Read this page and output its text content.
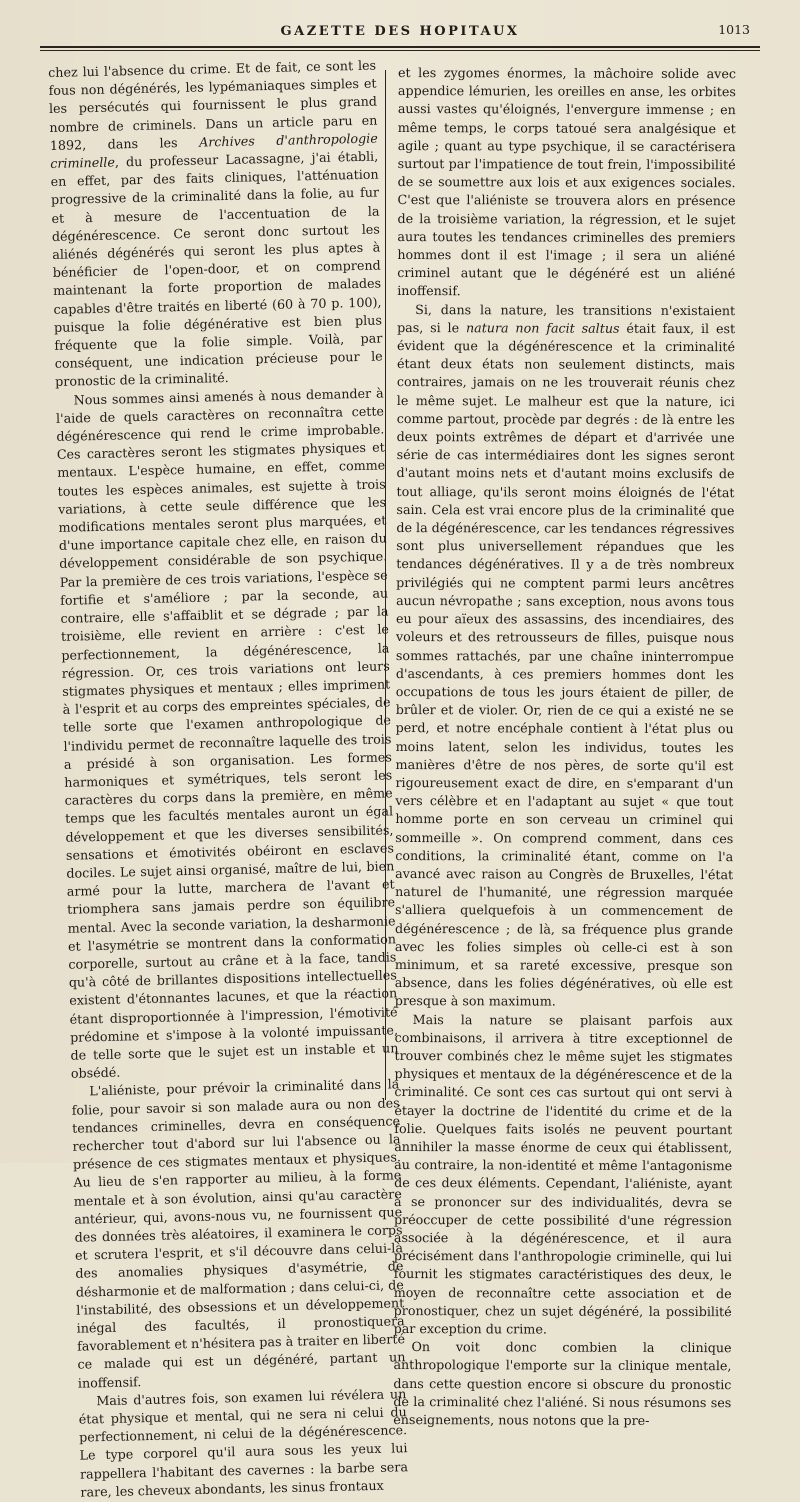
GAZETTE DES HOPITAUX	1013

chez lui l'absence du crime. Et de fait, ce sont les fous non dégénérés, les lypémaniaques simples et les persécutés qui fournissent le plus grand nombre de criminels. Dans un article paru en 1892, dans les Archives d'anthropologie criminelle, du professeur Lacassagne, j'ai établi, en effet, par des faits cliniques, l'atténuation progressive de la criminalité dans la folie, au fur et à mesure de l'accentuation de la dégénérescence. Ce seront donc surtout les aliénés dégénérés qui seront les plus aptes à bénéficier de l'open-door, et on comprend maintenant la forte proportion de malades capables d'être traités en liberté (60 à 70 p. 100), puisque la folie dégénérative est bien plus fréquente que la folie simple. Voilà, par conséquent, une indication précieuse pour le pronostic de la criminalité.

Nous sommes ainsi amenés à nous demander à l'aide de quels caractères on reconnaîtra cette dégénérescence qui rend le crime improbable. Ces caractères seront les stigmates physiques et mentaux. L'espèce humaine, en effet, comme toutes les espèces animales, est sujette à trois variations, à cette seule différence que les modifications mentales seront plus marquées, et d'une importance capitale chez elle, en raison du développement considérable de son psychique. Par la première de ces trois variations, l'espèce se fortifie et s'améliore ; par la seconde, au contraire, elle s'affaiblit et se dégrade ; par la troisième, elle revient en arrière : c'est le perfectionnement, la dégénérescence, la régression. Or, ces trois variations ont leurs stigmates physiques et mentaux ; elles impriment à l'esprit et au corps des empreintes spéciales, de telle sorte que l'examen anthropologique de l'individu permet de reconnaître laquelle des trois a présidé à son organisation. Les formes harmoniques et symétriques, tels seront les caractères du corps dans la première, en même temps que les facultés mentales auront un égal développement et que les diverses sensibilités, sensations et émotivités obéiront en esclaves dociles. Le sujet ainsi organisé, maître de lui, bien armé pour la lutte, marchera de l'avant et triomphera sans jamais perdre son équilibre mental. Avec la seconde variation, la desharmonie et l'asymétrie se montrent dans la conformation corporelle, surtout au crâne et à la face, tandis qu'à côté de brillantes dispositions intellectuelles existent d'étonnantes lacunes, et que la réaction étant disproportionnée à l'impression, l'émotivité prédomine et s'impose à la volonté impuissante, de telle sorte que le sujet est un instable et un obsédé.

L'aliéniste, pour prévoir la criminalité dans la folie, pour savoir si son malade aura ou non des tendances criminelles, devra en conséquence rechercher tout d'abord sur lui l'absence ou la présence de ces stigmates mentaux et physiques. Au lieu de s'en rapporter au milieu, à la forme mentale et à son évolution, ainsi qu'au caractère antérieur, qui, avons-nous vu, ne fournissent que des données très aléatoires, il examinera le corps et scrutera l'esprit, et s'il découvre dans celui-là des anomalies physiques d'asymétrie, de désharmonie et de malformation ; dans celui-ci, de l'instabilité, des obsessions et un développement inégal des facultés, il pronostiquera favorablement et n'hésitera pas à traiter en liberté ce malade qui est un dégénéré, partant un inoffensif.

Mais d'autres fois, son examen lui révélera un état physique et mental, qui ne sera ni celui du perfectionnement, ni celui de la dégénérescence. Le type corporel qu'il aura sous les yeux lui rappellera l'habitant des cavernes : la barbe sera rare, les cheveux abondants, les sinus frontaux

et les zygomes énormes, la mâchoire solide avec appendice lémurien, les oreilles en anse, les orbites aussi vastes qu'éloignés, l'envergure immense ; en même temps, le corps tatoué sera analgésique et agile ; quant au type psychique, il se caractérisera surtout par l'impatience de tout frein, l'impossibilité de se soumettre aux lois et aux exigences sociales. C'est que l'aliéniste se trouvera alors en présence de la troisième variation, la régression, et le sujet aura toutes les tendances criminelles des premiers hommes dont il est l'image ; il sera un aliéné criminel autant que le dégénéré est un aliéné inoffensif.

Si, dans la nature, les transitions n'existaient pas, si le natura non facit saltus était faux, il est évident que la dégénérescence et la criminalité étant deux états non seulement distincts, mais contraires, jamais on ne les trouverait réunis chez le même sujet. Le malheur est que la nature, ici comme partout, procède par degrés : de là entre les deux points extrêmes de départ et d'arrivée une série de cas intermédiaires dont les signes seront d'autant moins nets et d'autant moins exclusifs de tout alliage, qu'ils seront moins éloignés de l'état sain. Cela est vrai encore plus de la criminalité que de la dégénérescence, car les tendances régressives sont plus universellement répandues que les tendances dégénératives. Il y a de très nombreux privilégiés qui ne comptent parmi leurs ancêtres aucun névropathe ; sans exception, nous avons tous eu pour aïeux des assassins, des incendiaires, des voleurs et des retrousseurs de filles, puisque nous sommes rattachés, par une chaîne ininterrompue d'ascendants, à ces premiers hommes dont les occupations de tous les jours étaient de piller, de brûler et de violer. Or, rien de ce qui a existé ne se perd, et notre encéphale contient à l'état plus ou moins latent, selon les individus, toutes les manières d'être de nos pères, de sorte qu'il est rigoureusement exact de dire, en s'emparant d'un vers célèbre et en l'adaptant au sujet « que tout homme porte en son cerveau un criminel qui sommeille ». On comprend comment, dans ces conditions, la criminalité étant, comme on l'a avancé avec raison au Congrès de Bruxelles, l'état naturel de l'humanité, une régression marquée s'alliera quelquefois à un commencement de dégénérescence ; de là, sa fréquence plus grande avec les folies simples où celle-ci est à son minimum, et sa rareté excessive, presque son absence, dans les folies dégénératives, où elle est presque à son maximum.

Mais la nature se plaisant parfois aux combinaisons, il arrivera à titre exceptionnel de trouver combinés chez le même sujet les stigmates physiques et mentaux de la dégénérescence et de la criminalité. Ce sont ces cas surtout qui ont servi à étayer la doctrine de l'identité du crime et de la folie. Quelques faits isolés ne peuvent pourtant annihiler la masse énorme de ceux qui établissent, au contraire, la non-identité et même l'antagonisme de ces deux éléments. Cependant, l'aliéniste, ayant à se prononcer sur des individualités, devra se préoccuper de cette possibilité d'une régression associée à la dégénérescence, et il aura précisément dans l'anthropologie criminelle, qui lui fournit les stigmates caractéristiques des deux, le moyen de reconnaître cette association et de pronostiquer, chez un sujet dégénéré, la possibilité par exception du crime.

On voit donc combien la clinique anthropologique l'emporte sur la clinique mentale, dans cette question encore si obscure du pronostic de la criminalité chez l'aliéné. Si nous résumons ses enseignements, nous notons que la pre-
